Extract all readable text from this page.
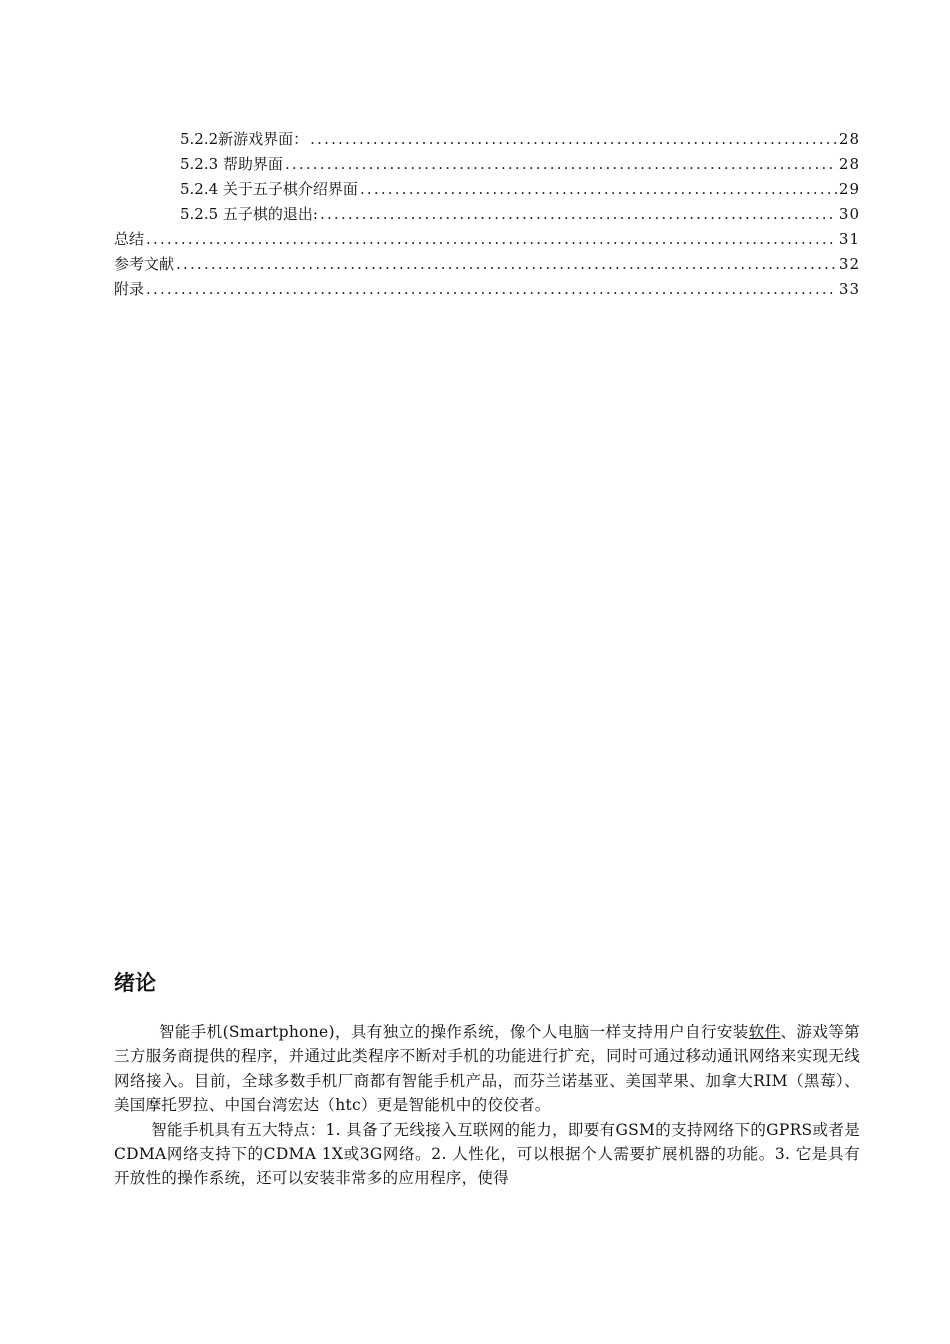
5.2.2新游戏界面： .....	28
5.2.3 帮助界面 .....	28
5.2.4 关于五子棋介绍界面 .....	29
5.2.5 五子棋的退出: .....	30
总结 .....	31
参考文献 .....	32
附录 .....	33
绪论

智能手机(Smartphone)，具有独立的操作系统，像个人电脑一样支持用户自行安装软件、游戏等第三方服务商提供的程序，并通过此类程序不断对手机的功能进行扩充，同时可通过移动通讯网络来实现无线网络接入。目前，全球多数手机厂商都有智能手机产品，而芬兰诺基亚、美国苹果、加拿大RIM（黑莓）、美国摩托罗拉、中国台湾宏达（htc）更是智能机中的佼佼者。

智能手机具有五大特点：1. 具备了无线接入互联网的能力，即要有GSM的支持网络下的GPRS或者是CDMA网络支持下的CDMA 1X或3G网络。2. 人性化，可以根据个人需要扩展机器的功能。3. 它是具有开放性的操作系统，还可以安装非常多的应用程序，使得
